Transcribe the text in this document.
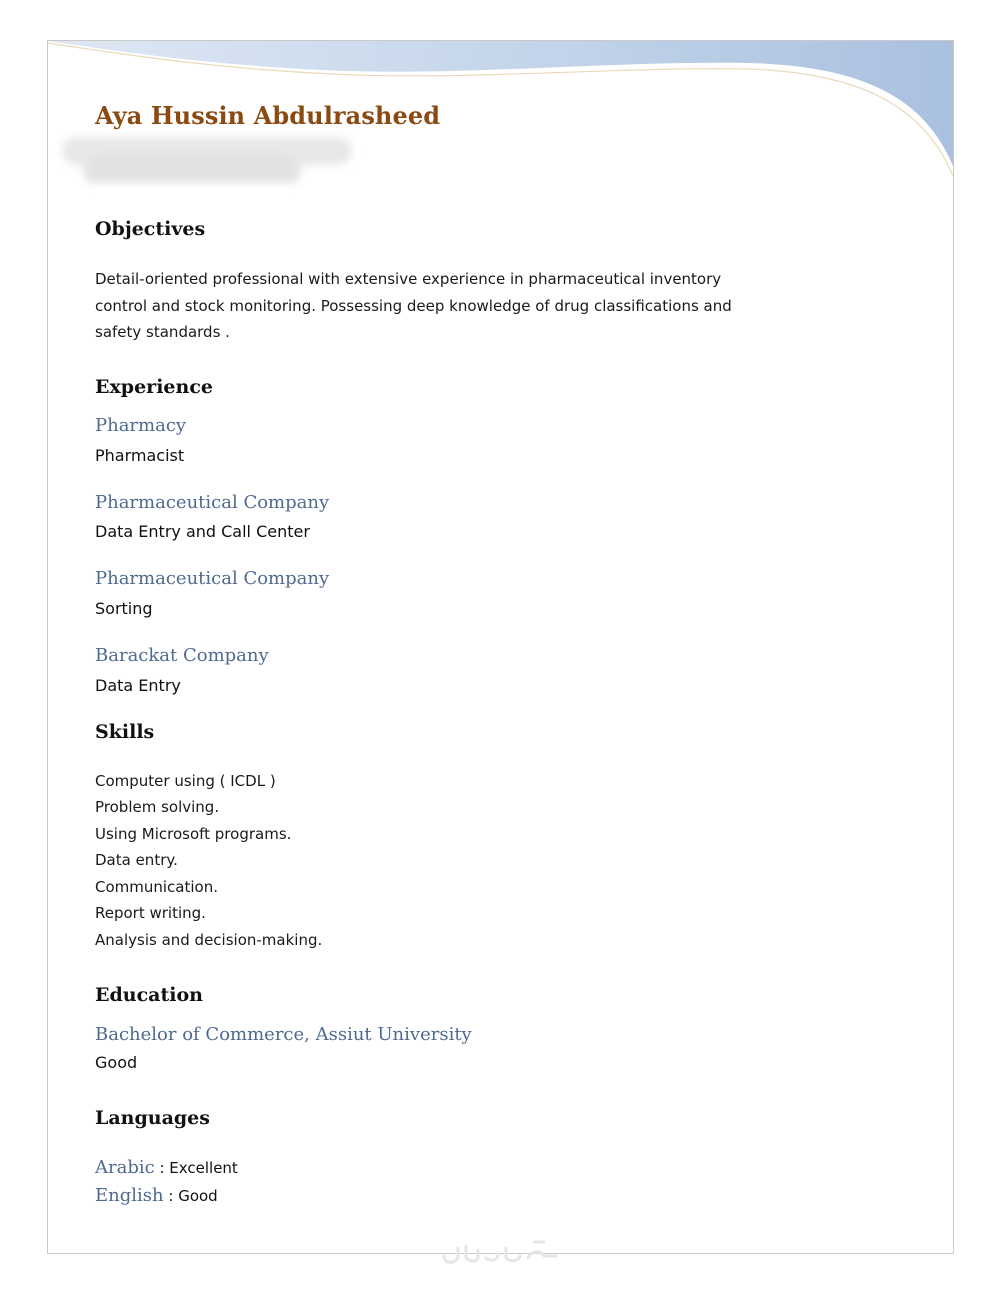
Aya Hussin Abdulrasheed
Objectives
Detail-oriented professional with extensive experience in pharmaceutical inventory
control and stock monitoring. Possessing deep knowledge of drug classifications and
safety standards .
Experience
Pharmacy
Pharmacist
Pharmaceutical Company
Data Entry and Call Center
Pharmaceutical Company
Sorting
Barackat Company
Data Entry
Skills
Computer using ( ICDL )
Problem solving.
Using Microsoft programs.
Data entry.
Communication.
Report writing.
Analysis and decision-making.
Education
Bachelor of Commerce, Assiut University
Good
Languages
Arabic : Excellent
English : Good
